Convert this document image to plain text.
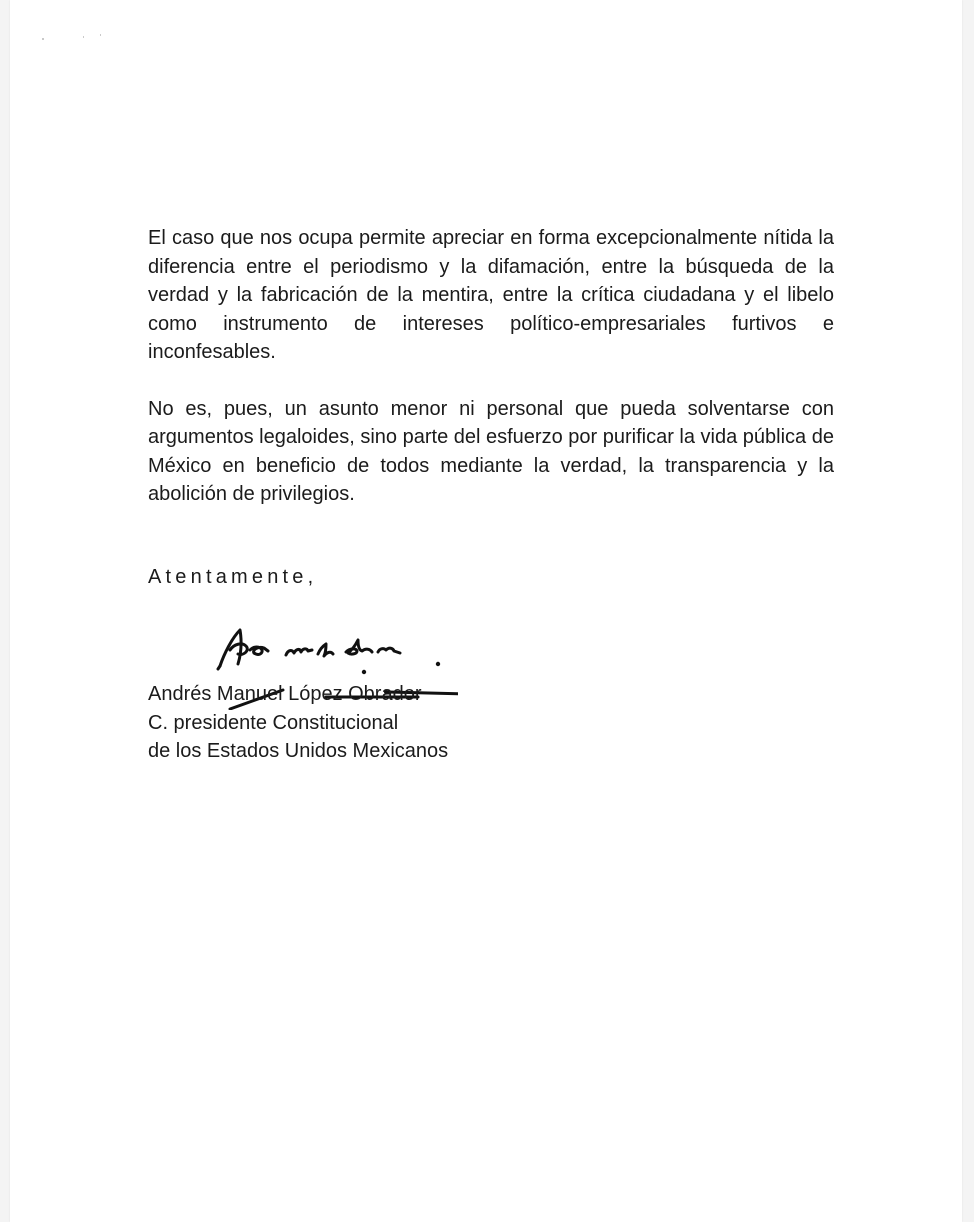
El caso que nos ocupa permite apreciar en forma excepcionalmente nítida la diferencia entre el periodismo y la difamación, entre la búsqueda de la verdad y la fabricación de la mentira, entre la crítica ciudadana y el libelo como instrumento de intereses político-empresariales furtivos e inconfesables.

No es, pues, un asunto menor ni personal que pueda solventarse con argumentos legaloides, sino parte del esfuerzo por purificar la vida pública de México en beneficio de todos mediante la verdad, la transparencia y la abolición de privilegios.

Atentamente,

Andrés Manuel López Obrador
C. presidente Constitucional
de los Estados Unidos Mexicanos
